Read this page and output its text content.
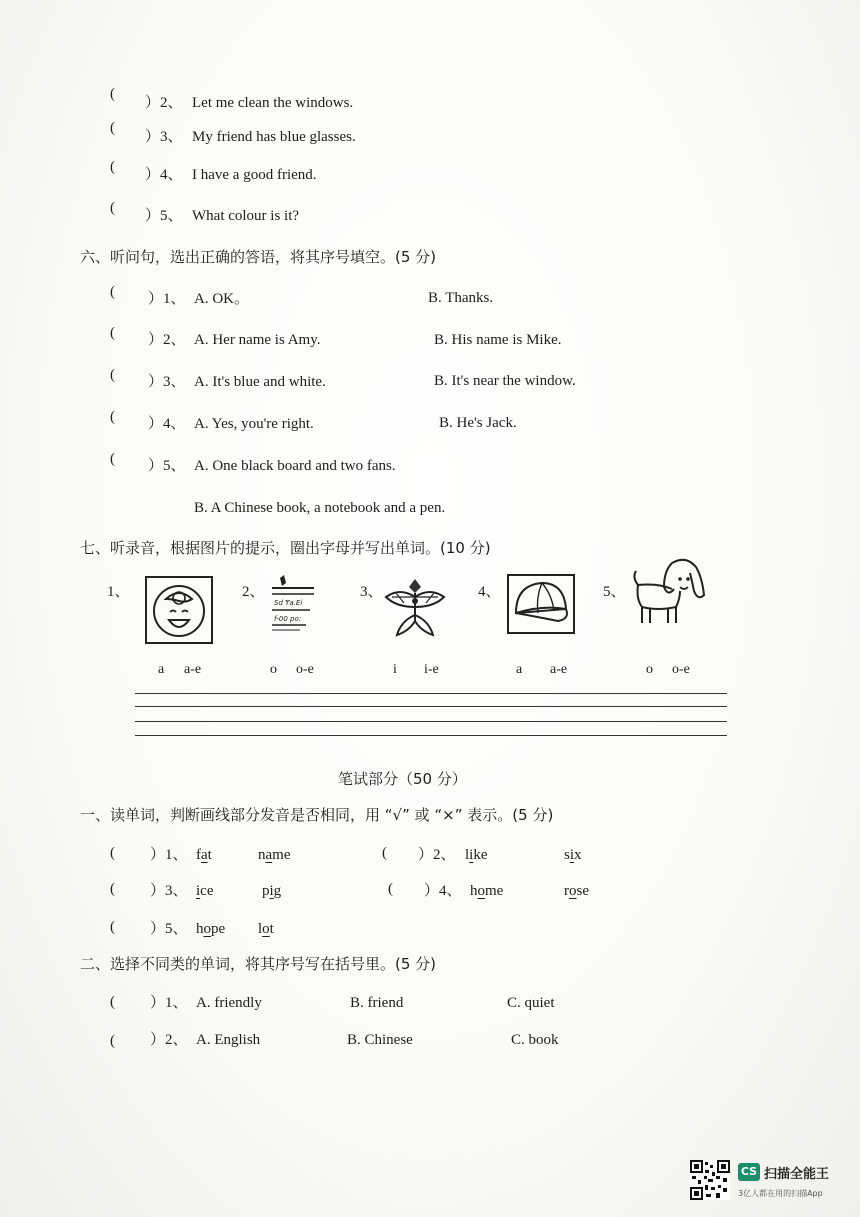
(
）2、 Let me clean the windows.
(
）3、 My friend has blue glasses.
( ）4、 I have a good friend.
( ）5、 What colour is it?
六、听问句，选出正确的答语，将其序号填空。(5 分)
( ）1、 A. OK。	B. Thanks.
( ）2、 A. Her name is Amy.	B. His name is Mike.
( ）3、 A. It's blue and white.	B. It's near the window.
( ）4、 A. Yes, you're right.	B. He's Jack.
( ）5、 A. One black board and two fans.
B. A Chinese book, a notebook and a pen.
七、听录音，根据图片的提示，圈出字母并写出单词。(10 分)
1、
a a-e
2、
Sd Ɏa.Ei
f-00 po:
o o-e
3、
i i-e
4、
a a-e
5、
o o-e
笔试部分（50 分）
一、读单词，判断画线部分发音是否相同，用 “√” 或 “×” 表示。(5 分)
( ）1、 fat	name	( ）2、 like	six
( ）3、 ice	pig	( ）4、 home	rose
( ）5、 hope lot
二、选择不同类的单词，将其序号写在括号里。(5 分)
( ）1、 A. friendly	B. friend	C. quiet
( ）2、 A. English	B. Chinese	C. book
CS 扫描全能王
3亿人都在用的扫描App
